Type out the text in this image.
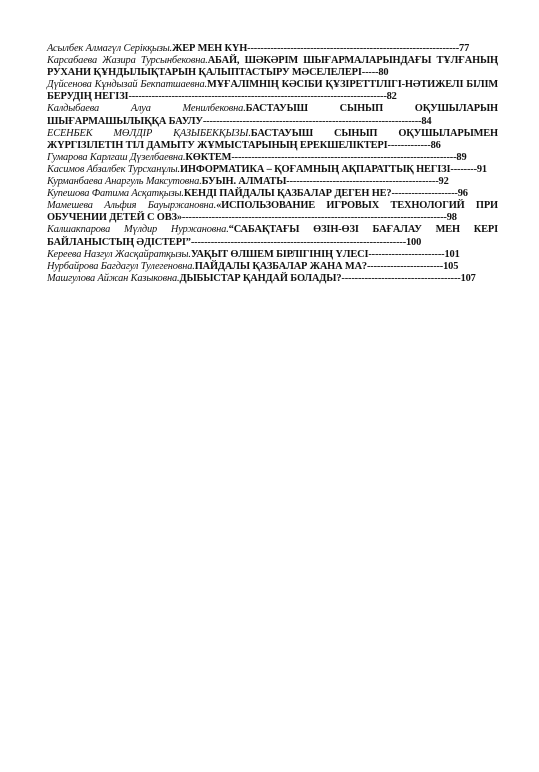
Асылбек Алмагүл Серікқызы.ЖЕР МЕН КҮН----------------------------------------------------------------77
Карсабаева Жазира Турсынбековна.АБАЙ, ШӘКӘРІМ ШЫҒАРМАЛАРЫНДАҒЫ ТҰЛҒАНЫҢ РУХАНИ ҚҰНДЫЛЫҚТАРЫН ҚАЛЫПТАСТЫРУ МӘСЕЛЕЛЕРІ-----80
Дүйсенова Кұндызай Бекпатшаевна.МҰҒАЛІМНІҢ КӘСІБИ ҚҰЗІРЕТТІЛІГІ-НӘТИЖЕЛІ БІЛІМ БЕРУДІҢ НЕГІЗІ------------------------------------------------------------------------------82
Калдыбаева Алуа Менилбековна.БАСТАУЫШ СЫНЫП ОҚУШЫЛАРЫН ШЫҒАРМАШЫЛЫҚҚА БАУЛУ------------------------------------------------------------------84
ЕСЕНБЕК МӨЛДІР ҚАЗЫБЕКҚЫЗЫ.БАСТАУЫШ СЫНЫП ОҚУШЫЛАРЫМЕН ЖҮРГІЗІЛЕТІН ТІЛ ДАМЫТУ ЖҰМЫСТАРЫНЫҢ ЕРЕКШЕЛІКТЕРІ-------------86
Гумарова Карлгаш Дүзелбаевна.КӨКТЕМ--------------------------------------------------------------------89
Касимов Абзалбек Турсханұлы.ИНФОРМАТИКА – ҚОҒАМНЫҢ АҚПАРАТТЫҚ НЕГІЗІ--------91
Курманбаева Анаргуль Максутовна.БУЫН. АЛМАТЫ----------------------------------------------92
Купешова Фатима Асқатқызы.КЕНДІ ПАЙДАЛЫ ҚАЗБАЛАР ДЕГЕН НЕ?--------------------96
Мамешева Альфия Бауыржановна.«ИСПОЛЬЗОВАНИЕ ИГРОВЫХ ТЕХНОЛОГИЙ ПРИ ОБУЧЕНИИ ДЕТЕЙ С ОВЗ»--------------------------------------------------------------------------------98
Калшакпарова Мүлдир Нуржановна.“САБАҚТАҒЫ ӨЗІН-ӨЗІ БАҒАЛАУ МЕН КЕРІ БАЙЛАНЫСТЫҢ ӘДІСТЕРІ”-----------------------------------------------------------------100
Кереева Назгул Жасқайратқызы.УАҚЫТ ӨЛШЕМ БІРЛІГІНІҢ ҮЛЕСІ-----------------------101
Нурбайрова Багдагул Тулегеновна.ПАЙДАЛЫ ҚАЗБАЛАР ЖАНА МА?-----------------------105
Машгулова Айжан Казыковна.ДЫБЫСТАР ҚАНДАЙ БОЛАДЫ?------------------------------------107
